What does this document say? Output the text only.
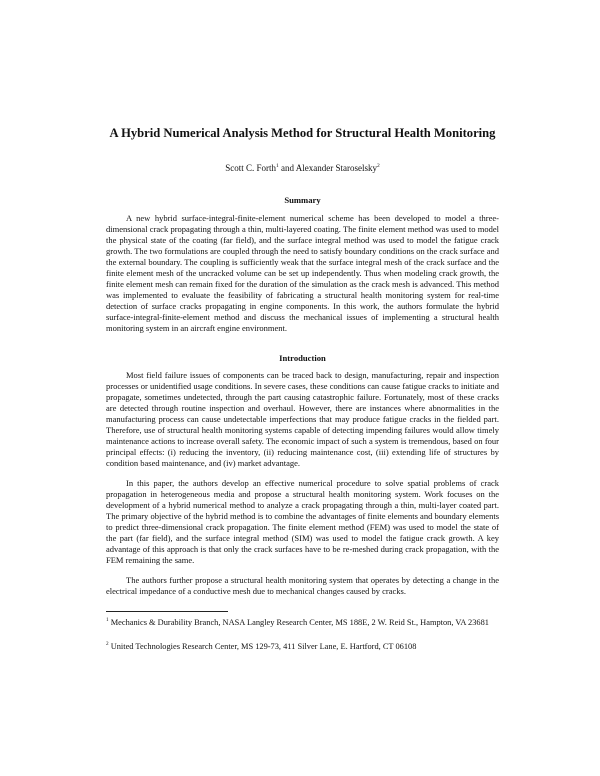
A Hybrid Numerical Analysis Method for Structural Health Monitoring
Scott C. Forth$^1$ and Alexander Staroselsky$^2$
Summary

A new hybrid surface-integral-finite-element numerical scheme has been developed to model a three-dimensional crack propagating through a thin, multi-layered coating. The finite element method was used to model the physical state of the coating (far field), and the surface integral method was used to model the fatigue crack growth. The two formulations are coupled through the need to satisfy boundary conditions on the crack surface and the external boundary. The coupling is sufficiently weak that the surface integral mesh of the crack surface and the finite element mesh of the uncracked volume can be set up independently. Thus when modeling crack growth, the finite element mesh can remain fixed for the duration of the simulation as the crack mesh is advanced. This method was implemented to evaluate the feasibility of fabricating a structural health monitoring system for real-time detection of surface cracks propagating in engine components. In this work, the authors formulate the hybrid surface-integral-finite-element method and discuss the mechanical issues of implementing a structural health monitoring system in an aircraft engine environment.

Introduction

Most field failure issues of components can be traced back to design, manufacturing, repair and inspection processes or unidentified usage conditions. In severe cases, these conditions can cause fatigue cracks to initiate and propagate, sometimes undetected, through the part causing catastrophic failure. Fortunately, most of these cracks are detected through routine inspection and overhaul. However, there are instances where abnormalities in the manufacturing process can cause undetectable imperfections that may produce fatigue cracks in the fielded part. Therefore, use of structural health monitoring systems capable of detecting impending failures would allow timely maintenance actions to increase overall safety. The economic impact of such a system is tremendous, based on four principal effects: (i) reducing the inventory, (ii) reducing maintenance cost, (iii) extending life of structures by condition based maintenance, and (iv) market advantage.

In this paper, the authors develop an effective numerical procedure to solve spatial problems of crack propagation in heterogeneous media and propose a structural health monitoring system. Work focuses on the development of a hybrid numerical method to analyze a crack propagating through a thin, multi-layer coated part. The primary objective of the hybrid method is to combine the advantages of finite elements and boundary elements to predict three-dimensional crack propagation. The finite element method (FEM) was used to model the state of the part (far field), and the surface integral method (SIM) was used to model the fatigue crack growth. A key advantage of this approach is that only the crack surfaces have to be re-meshed during crack propagation, with the FEM remaining the same.

The authors further propose a structural health monitoring system that operates by detecting a change in the electrical impedance of a conductive mesh due to mechanical changes caused by cracks.

$^1$ Mechanics & Durability Branch, NASA Langley Research Center, MS 188E, 2 W. Reid St., Hampton, VA 23681

$^2$ United Technologies Research Center, MS 129-73, 411 Silver Lane, E. Hartford, CT 06108
